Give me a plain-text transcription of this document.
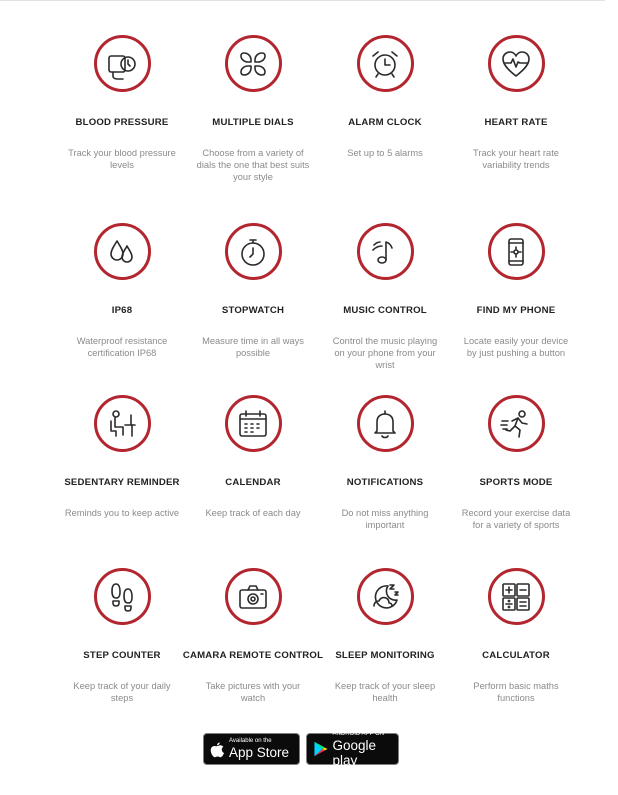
BLOOD PRESSURE
Track your blood pressure levels
MULTIPLE DIALS
Choose from a variety of dials the one that best suits your style
ALARM CLOCK
Set up to 5 alarms
HEART RATE
Track your heart rate variability trends
IP68
Waterproof resistance certification IP68
STOPWATCH
Measure time in all ways possible
MUSIC CONTROL
Control the music playing on your phone from your wrist
FIND MY PHONE
Locate easily your device by just pushing a button
SEDENTARY REMINDER
Reminds you to keep active
CALENDAR
Keep track of each day
NOTIFICATIONS
Do not miss anything important
SPORTS MODE
Record your exercise data for a variety of sports
STEP COUNTER
Keep track of your daily steps
CAMARA REMOTE CONTROL
Take pictures with your watch
SLEEP MONITORING
Keep track of your sleep health
CALCULATOR
Perform basic maths functions
Available on the
App Store
ANDROID APP ON
Google play
